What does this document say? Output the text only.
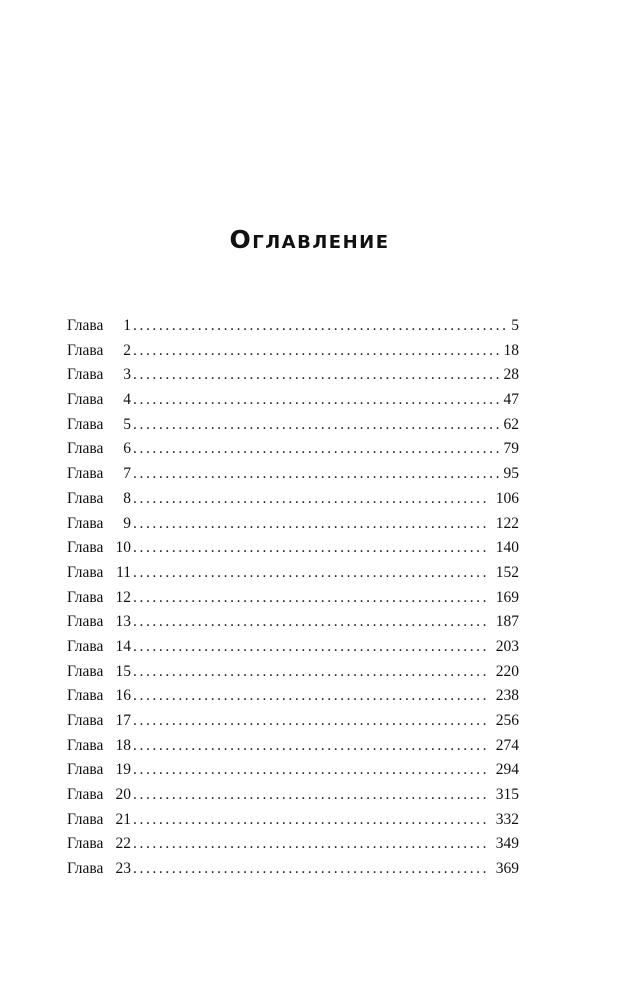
Оглавление
Глава	1 .....	5
Глава	2 .....	18
Глава	3 .....	28
Глава	4 .....	47
Глава	5 .....	62
Глава	6 .....	79
Глава	7 .....	95
Глава	8 .....	106
Глава	9 .....	122
Глава 10 .....	140
Глава 11 .....	152
Глава 12 .....	169
Глава 13 .....	187
Глава 14 .....	203
Глава 15 .....	220
Глава 16 .....	238
Глава 17 .....	256
Глава 18 .....	274
Глава 19 .....	294
Глава 20 .....	315
Глава 21 .....	332
Глава 22 .....	349
Глава 23 .....	369
